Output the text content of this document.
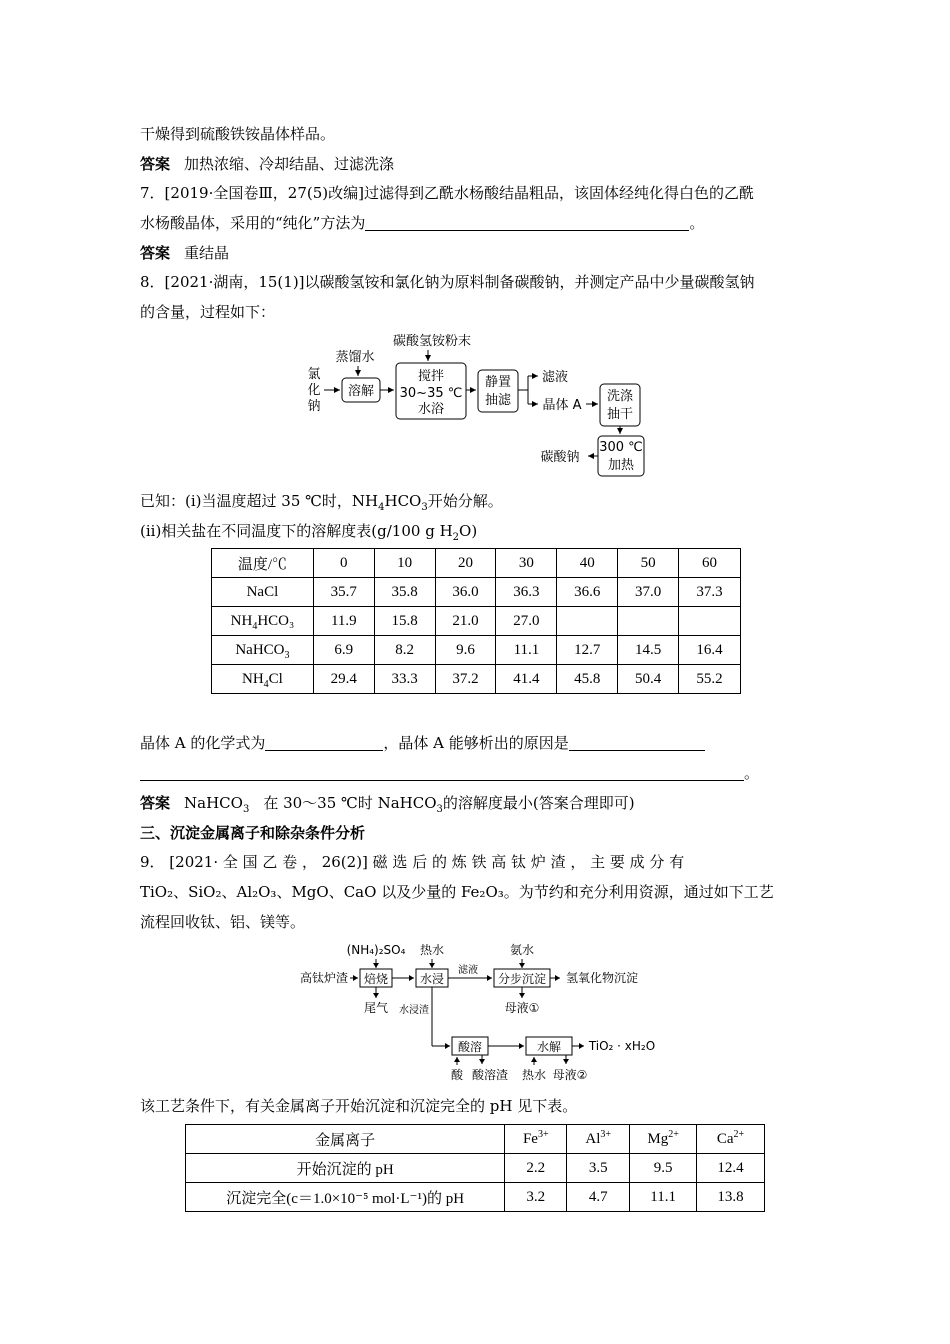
干燥得到硫酸铁铵晶体样品。
答案 加热浓缩、冷却结晶、过滤洗涤
7．[2019·全国卷Ⅲ，27(5)改编]过滤得到乙酰水杨酸结晶粗品，该固体经纯化得白色的乙酰
水杨酸晶体，采用的“纯化”方法为	。
答案 重结晶
8．[2021·湖南，15(1)]以碳酸氢铵和氯化钠为原料制备碳酸钠，并测定产品中少量碳酸氢钠
的含量，过程如下：
氯
化
钠
蒸馏水
溶解
碳酸氢铵粉末
搅拌
30~35 ℃
水浴
静置
抽滤
滤液
晶体 A
洗涤
抽干
300 ℃
加热
碳酸钠
已知：(i)当温度超过 35 ℃时，$NH_4HCO_3$开始分解。
(ii)相关盐在不同温度下的溶解度表(g/100 g $H_2O$)
温度/℃	0	10	20	30	40	50	60
NaCl	35.7	35.8	36.0	36.3	36.6	37.0	37.3
$NH_4HCO_3$	11.9	15.8	21.0	27.0			
NaHCO$_3$	6.9	8.2	9.6	11.1	12.7	14.5	16.4
$NH_4Cl$	29.4	33.3	37.2	41.4	45.8	50.4	55.2
晶体 A 的化学式为	，晶体 A 能够析出的原因是
。
答案 NaHCO$_3$ 在 30～35 ℃时 NaHCO$_3$的溶解度最小(答案合理即可)
三、沉淀金属离子和除杂条件分析
9． [2021· 全 国 乙 卷 ， 26(2)] 磁 选 后 的 炼 铁 高 钛 炉 渣 ， 主 要 成 分 有
TiO₂、SiO₂、Al₂O₃、MgO、CaO 以及少量的 Fe₂O₃。为节约和充分利用资源，通过如下工艺
流程回收钛、铝、镁等。
(NH₄)₂SO₄ 热水	氨水
高钛炉渣 焙烧	水浸
滤液
分步沉淀 氢氧化物沉淀
尾气	母液①
水浸渣
酸溶	水解 TiO₂ · xH₂O
酸 酸溶渣 热水 母液②
该工艺条件下，有关金属离子开始沉淀和沉淀完全的 pH 见下表。
金属离子	$Fe^{3+}$	$Al^{3+}$	$Mg^{2+}$	$Ca^{2+}$
开始沉淀的 pH	2.2	3.5	9.5	12.4
沉淀完全(c＝1.0×10⁻⁵ mol·L⁻¹)的 pH	3.2	4.7	11.1	13.8
